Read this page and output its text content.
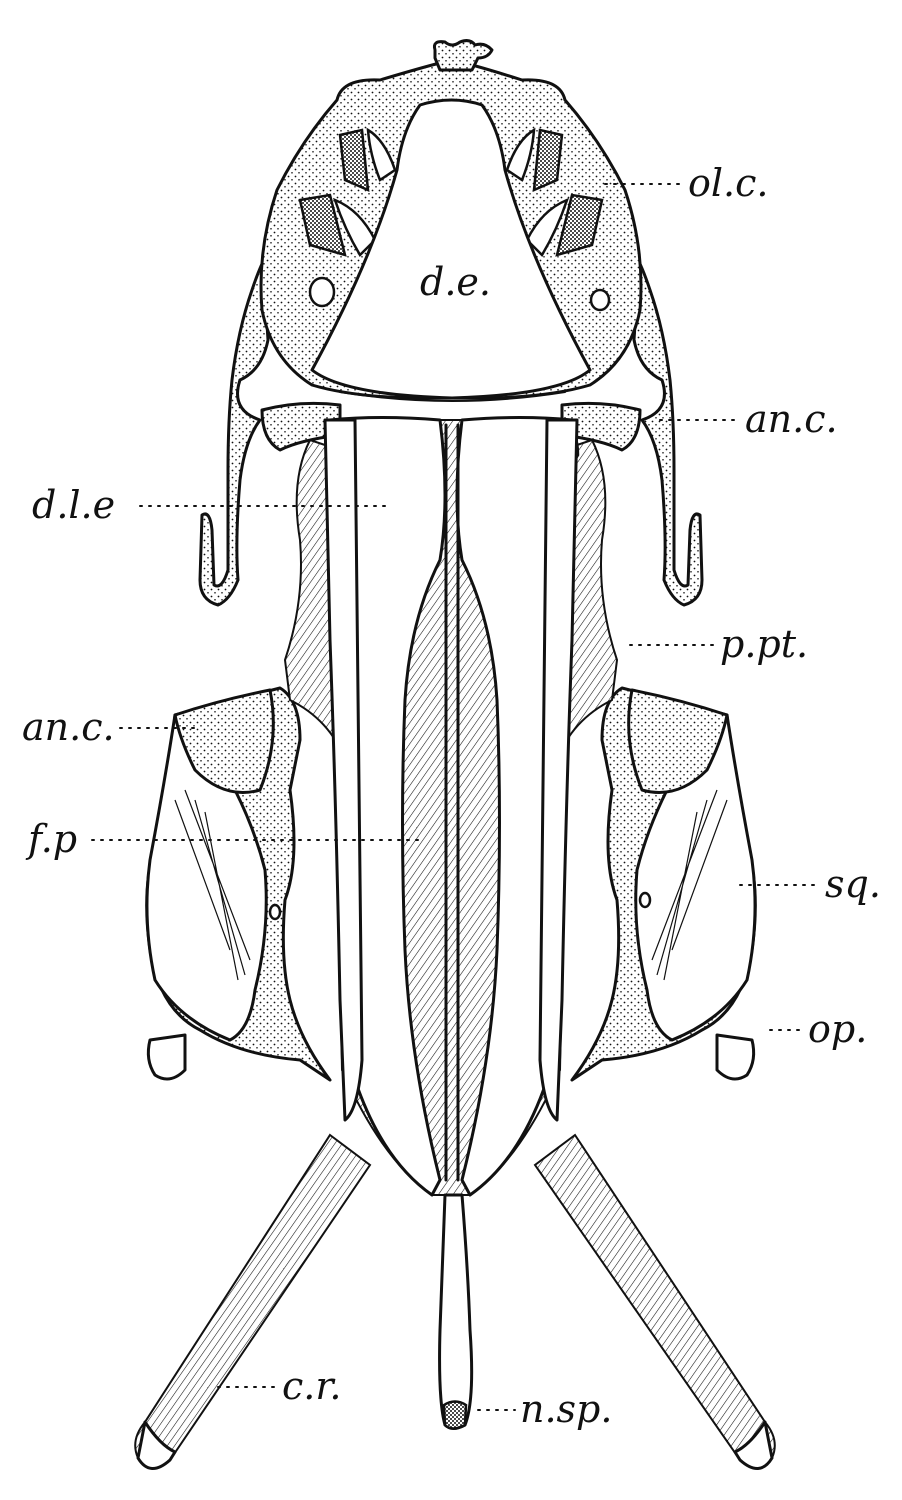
ol.c.
d.e.
an.c.
d.l.e
p.pt.
an.c.
f.p
sq.
op.
c.r.
n.sp.
